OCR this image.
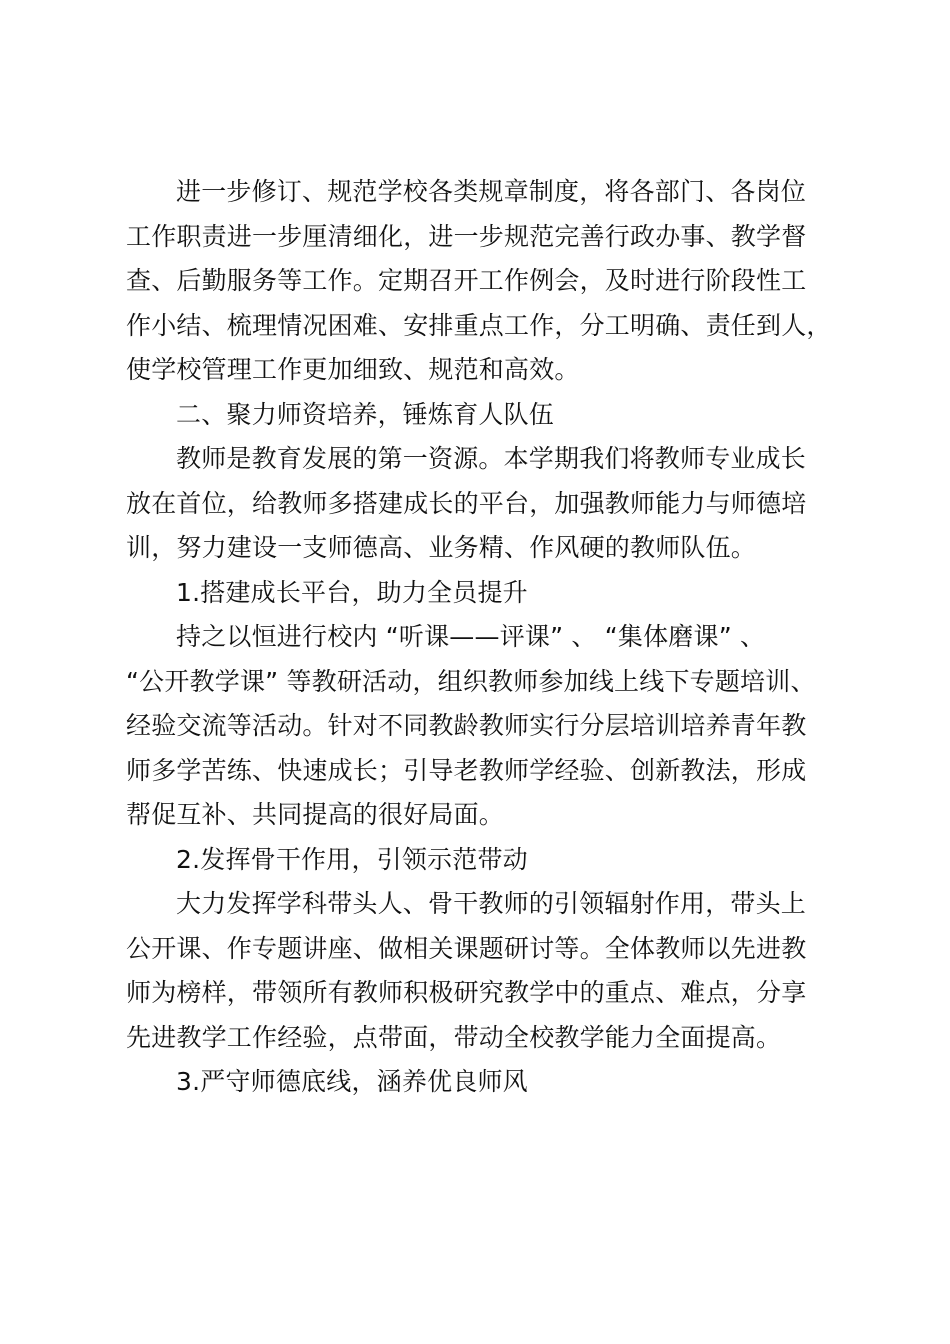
进一步修订、规范学校各类规章制度，将各部门、各岗位
工作职责进一步厘清细化，进一步规范完善行政办事、教学督
查、后勤服务等工作。定期召开工作例会，及时进行阶段性工
作小结、梳理情况困难、安排重点工作，分工明确、责任到人，
使学校管理工作更加细致、规范和高效。
二、聚力师资培养，锤炼育人队伍
教师是教育发展的第一资源。本学期我们将教师专业成长
放在首位，给教师多搭建成长的平台，加强教师能力与师德培
训，努力建设一支师德高、业务精、作风硬的教师队伍。
1.搭建成长平台，助力全员提升
持之以恒进行校内 “听课——评课” 、 “集体磨课” 、
“公开教学课” 等教研活动，组织教师参加线上线下专题培训、
经验交流等活动。针对不同教龄教师实行分层培训培养青年教
师多学苦练、快速成长；引导老教师学经验、创新教法，形成
帮促互补、共同提高的很好局面。
2.发挥骨干作用，引领示范带动
大力发挥学科带头人、骨干教师的引领辐射作用，带头上
公开课、作专题讲座、做相关课题研讨等。全体教师以先进教
师为榜样，带领所有教师积极研究教学中的重点、难点，分享
先进教学工作经验，点带面，带动全校教学能力全面提高。
3.严守师德底线，涵养优良师风
